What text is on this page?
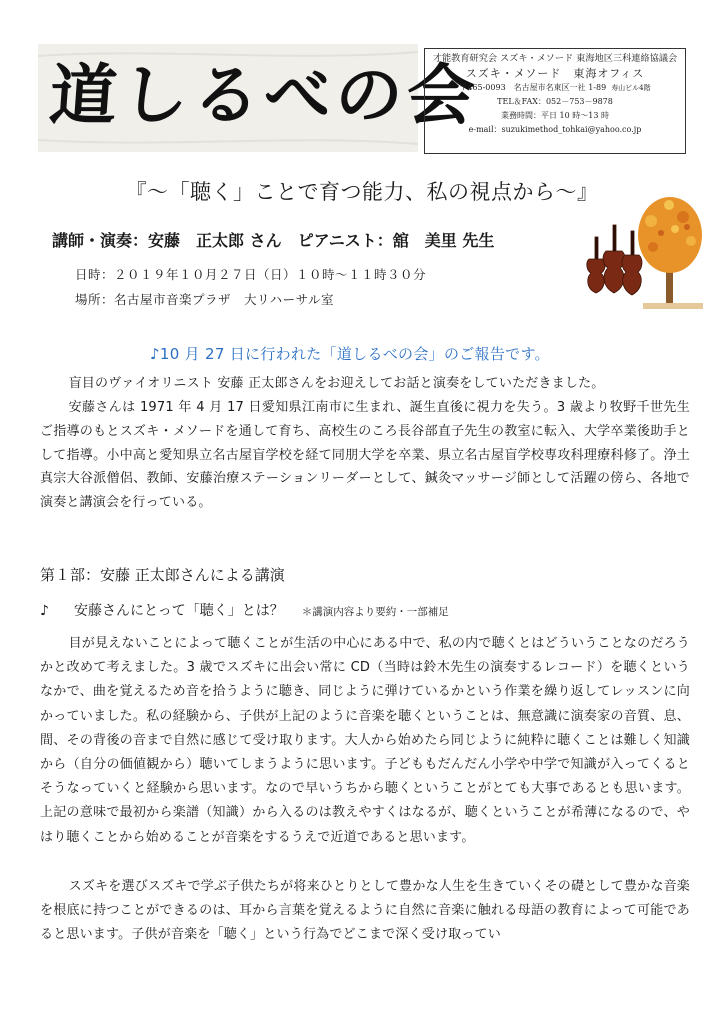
道しるべの会
才能教育研究会 スズキ・メソード 東海地区三科連絡協議会
スズキ・メソード　東海オフィス
〒465-0093　名古屋市名東区一社 1-89 寿山ビル4階
TEL＆FAX：052－753－9878
業務時間：平日 10 時～13 時
e-mail：suzukimethod_tohkai@yahoo.co.jp
『～「聴く」ことで育つ能力、私の視点から～』
講師・演奏：安藤　正太郎 さん ピアニスト：舘　美里 先生
日時：２０１９年１０月２７日（日）１０時～１１時３０分
場所：名古屋市音楽プラザ　大リハーサル室
♪10 月 27 日に行われた「道しるべの会」のご報告です。
盲目のヴァイオリニスト 安藤 正太郎さんをお迎えしてお話と演奏をしていただきました。
安藤さんは 1971 年 4 月 17 日愛知県江南市に生まれ、誕生直後に視力を失う。3 歳より牧野千世先生ご指導のもとスズキ・メソードを通して育ち、高校生のころ長谷部直子先生の教室に転入、大学卒業後助手として指導。小中高と愛知県立名古屋盲学校を経て同朋大学を卒業、県立名古屋盲学校専攻科理療科修了。浄土真宗大谷派僧侶、教師、安藤治療ステーションリーダーとして、鍼灸マッサージ師として活躍の傍ら、各地で演奏と講演会を行っている。
第１部：安藤 正太郎さんによる講演
♪ 安藤さんにとって「聴く」とは？ ＊講演内容より要約・一部補足
目が見えないことによって聴くことが生活の中心にある中で、私の内で聴くとはどういうことなのだろうかと改めて考えました。3 歳でスズキに出会い常に CD（当時は鈴木先生の演奏するレコード）を聴くというなかで、曲を覚えるため音を拾うように聴き、同じように弾けているかという作業を繰り返してレッスンに向かっていました。私の経験から、子供が上記のように音楽を聴くということは、無意識に演奏家の音質、息、間、その背後の音まで自然に感じて受け取ります。大人から始めたら同じように純粋に聴くことは難しく知識から（自分の価値観から）聴いてしまうように思います。子どももだんだん小学や中学で知識が入ってくるとそうなっていくと経験から思います。なので早いうちから聴くということがとても大事であるとも思います。上記の意味で最初から楽譜（知識）から入るのは教えやすくはなるが、聴くということが希薄になるので、やはり聴くことから始めることが音楽をするうえで近道であると思います。
スズキを選びスズキで学ぶ子供たちが将来ひとりとして豊かな人生を生きていくその礎として豊かな音楽を根底に持つことができるのは、耳から言葉を覚えるように自然に音楽に触れる母語の教育によって可能であると思います。子供が音楽を「聴く」という行為でどこまで深く受け取ってい
